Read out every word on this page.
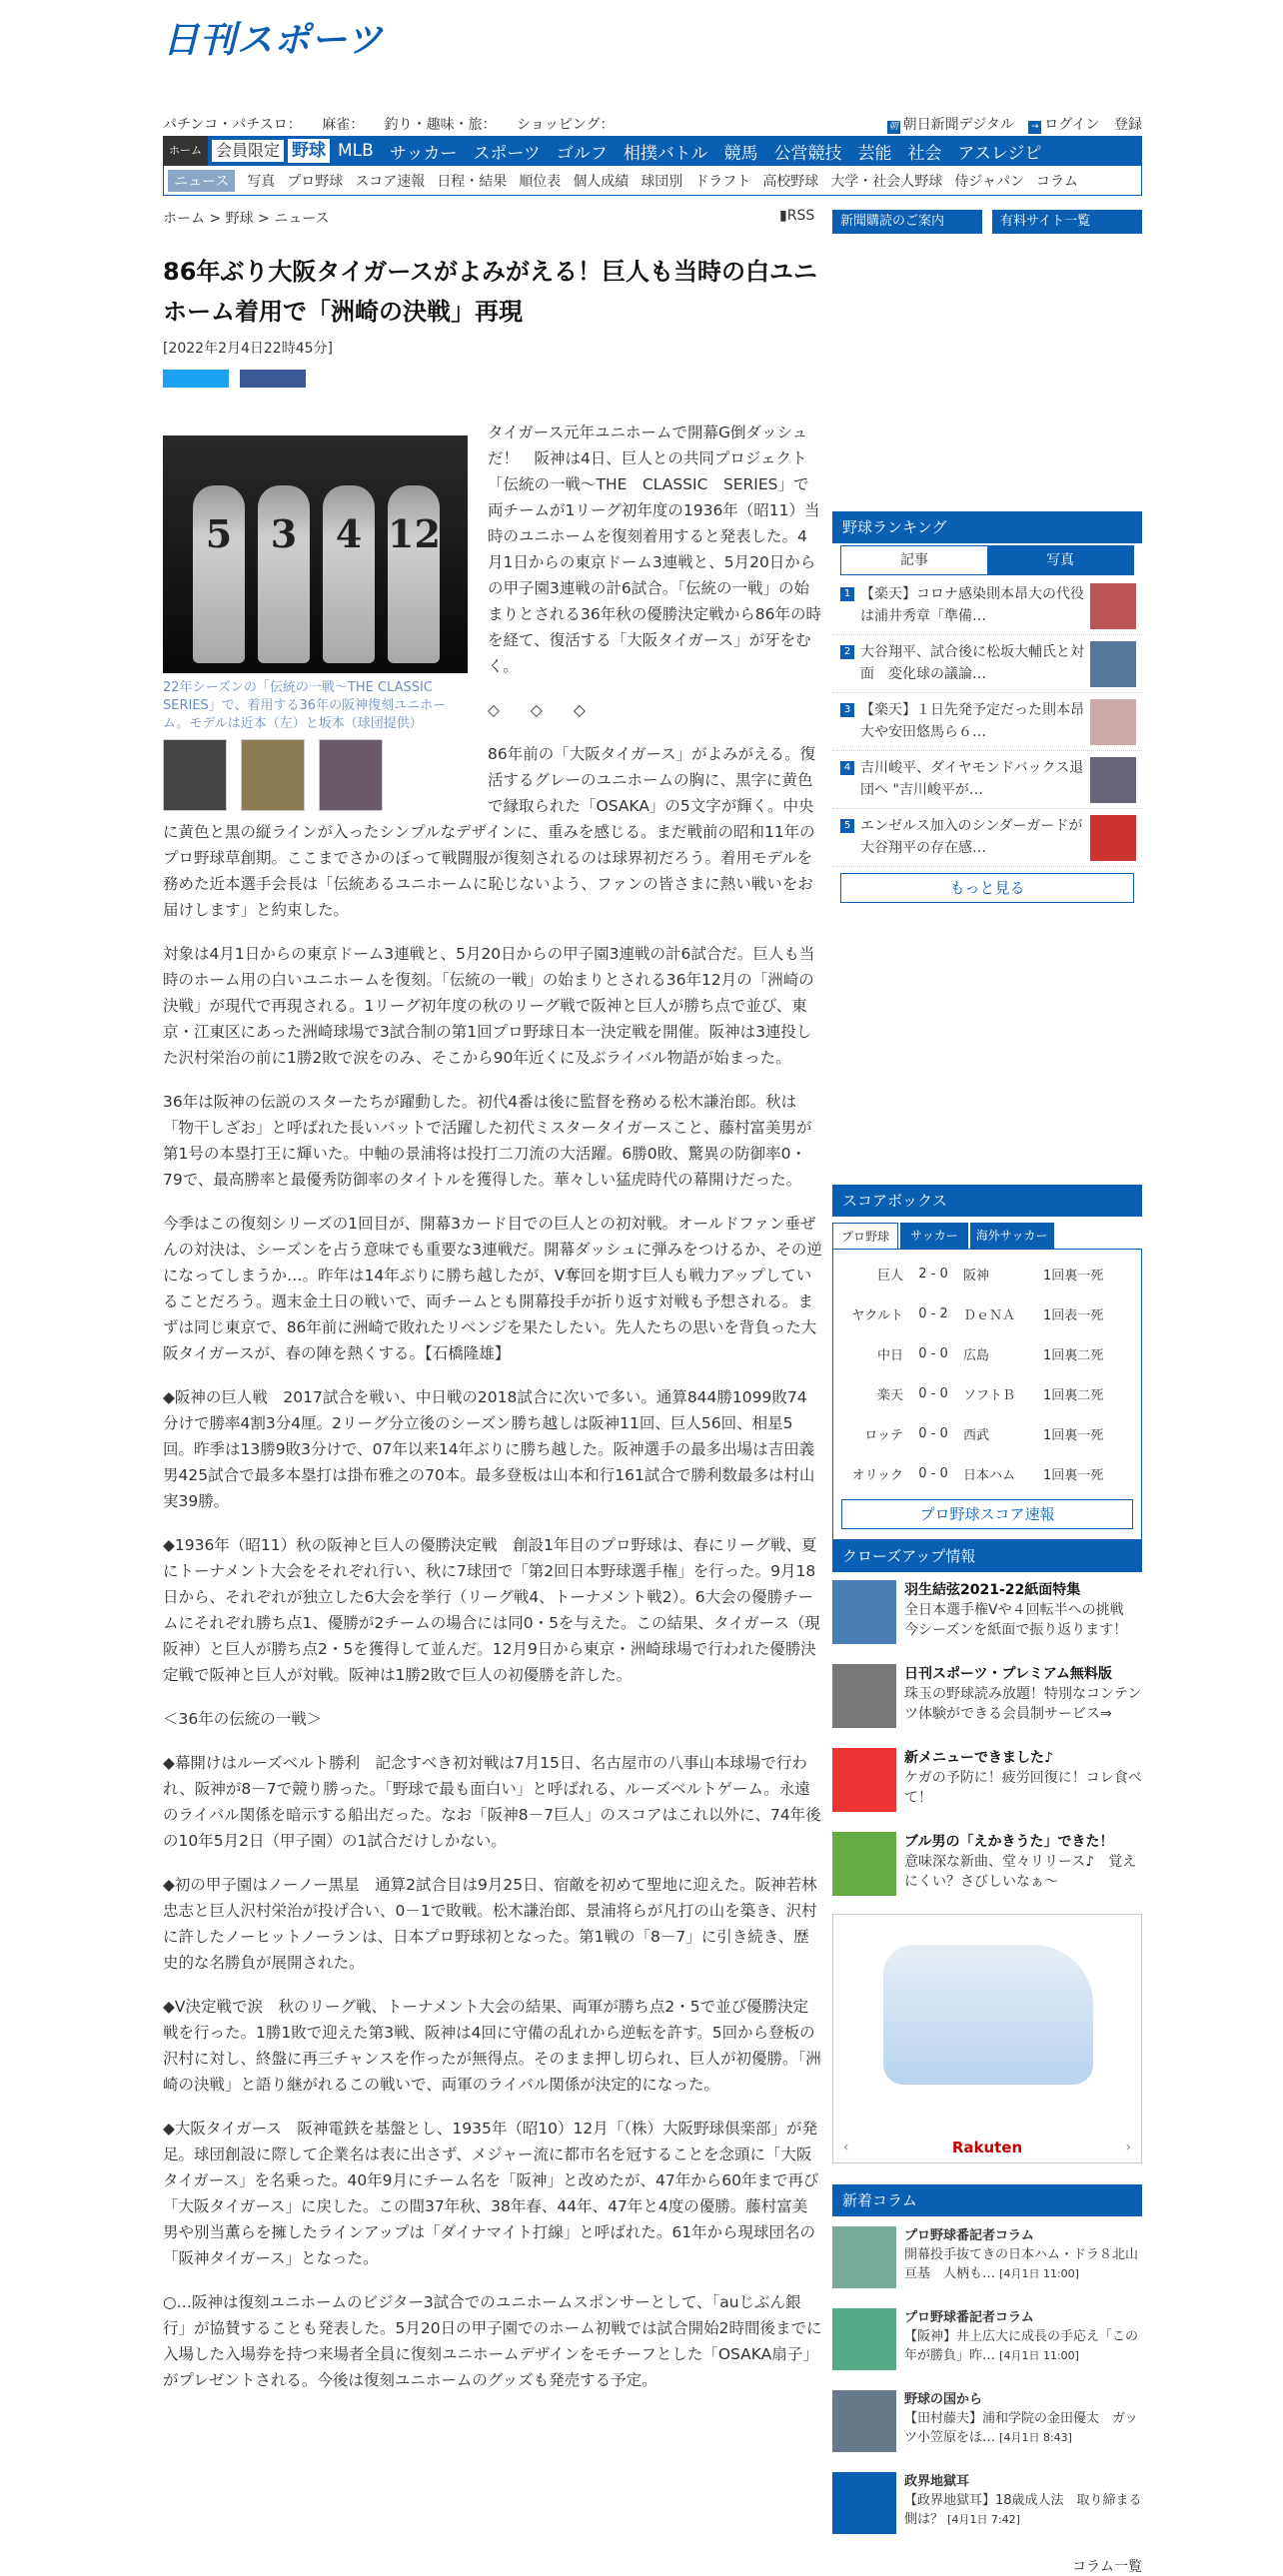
日刊スポーツ
パチンコ・パチスロ： 麻雀： 釣り・趣味・旅： ショッピング：	朝 朝日新聞デジタル → ログイン 登録
ホーム 会員限定 野球 MLB サッカー スポーツ ゴルフ 相撲バトル 競馬 公営競技 芸能 社会 アスレジピ
ニュース	写真 プロ野球 スコア速報 日程・結果 順位表 個人成績 球団別 ドラフト 高校野球 大学・社会人野球 侍ジャパン コラム
ホーム > 野球 > ニュース	▮RSS	新聞購読のご案内	有料サイト一覧
86年ぶり大阪タイガースがよみがえる！巨人も当時の白ユニホーム着用で「洲崎の決戦」再現
[2022年2月4日22時45分]
5	3	4 12
22年シーズンの「伝統の一戦～THE CLASSIC SERIES」で、着用する36年の阪神復刻ユニホーム。モデルは近本（左）と坂本（球団提供）

タイガース元年ユニホームで開幕G倒ダッシュだ！　阪神は4日、巨人との共同プロジェクト「伝統の一戦～THE　CLASSIC　SERIES」で両チームが1リーグ初年度の1936年（昭11）当時のユニホームを復刻着用すると発表した。4月1日からの東京ドーム3連戦と、5月20日からの甲子園3連戦の計6試合。「伝統の一戦」の始まりとされる36年秋の優勝決定戦から86年の時を経て、復活する「大阪タイガース」が牙をむく。

◇　　◇　　◇

86年前の「大阪タイガース」がよみがえる。復活するグレーのユニホームの胸に、黒字に黄色で縁取られた「OSAKA」の5文字が輝く。中央に黄色と黒の縦ラインが入ったシンプルなデザインに、重みを感じる。まだ戦前の昭和11年のプロ野球草創期。ここまでさかのぼって戦闘服が復刻されるのは球界初だろう。着用モデルを務めた近本選手会長は「伝統あるユニホームに恥じないよう、ファンの皆さまに熱い戦いをお届けします」と約束した。

対象は4月1日からの東京ドーム3連戦と、5月20日からの甲子園3連戦の計6試合だ。巨人も当時のホーム用の白いユニホームを復刻。「伝統の一戦」の始まりとされる36年12月の「洲崎の決戦」が現代で再現される。1リーグ初年度の秋のリーグ戦で阪神と巨人が勝ち点で並び、東京・江東区にあった洲崎球場で3試合制の第1回プロ野球日本一決定戦を開催。阪神は3連投した沢村栄治の前に1勝2敗で涙をのみ、そこから90年近くに及ぶライバル物語が始まった。

36年は阪神の伝説のスターたちが躍動した。初代4番は後に監督を務める松木謙治郎。秋は「物干しざお」と呼ばれた長いバットで活躍した初代ミスタータイガースこと、藤村富美男が第1号の本塁打王に輝いた。中軸の景浦将は投打二刀流の大活躍。6勝0敗、驚異の防御率0・79で、最高勝率と最優秀防御率のタイトルを獲得した。華々しい猛虎時代の幕開けだった。

今季はこの復刻シリーズの1回目が、開幕3カード目での巨人との初対戦。オールドファン垂ぜんの対決は、シーズンを占う意味でも重要な3連戦だ。開幕ダッシュに弾みをつけるか、その逆になってしまうか…。昨年は14年ぶりに勝ち越したが、V奪回を期す巨人も戦力アップしていることだろう。週末金土日の戦いで、両チームとも開幕投手が折り返す対戦も予想される。まずは同じ東京で、86年前に洲崎で敗れたリベンジを果たしたい。先人たちの思いを背負った大阪タイガースが、春の陣を熱くする。【石橋隆雄】

◆阪神の巨人戦　2017試合を戦い、中日戦の2018試合に次いで多い。通算844勝1099敗74分けで勝率4割3分4厘。2リーグ分立後のシーズン勝ち越しは阪神11回、巨人56回、相星5回。昨季は13勝9敗3分けで、07年以来14年ぶりに勝ち越した。阪神選手の最多出場は吉田義男425試合で最多本塁打は掛布雅之の70本。最多登板は山本和行161試合で勝利数最多は村山実39勝。

◆1936年（昭11）秋の阪神と巨人の優勝決定戦　創設1年目のプロ野球は、春にリーグ戦、夏にトーナメント大会をそれぞれ行い、秋に7球団で「第2回日本野球選手権」を行った。9月18日から、それぞれが独立した6大会を挙行（リーグ戦4、トーナメント戦2）。6大会の優勝チームにそれぞれ勝ち点1、優勝が2チームの場合には同0・5を与えた。この結果、タイガース（現阪神）と巨人が勝ち点2・5を獲得して並んだ。12月9日から東京・洲崎球場で行われた優勝決定戦で阪神と巨人が対戦。阪神は1勝2敗で巨人の初優勝を許した。

＜36年の伝統の一戦＞

◆幕開けはルーズベルト勝利　記念すべき初対戦は7月15日、名古屋市の八事山本球場で行われ、阪神が8－7で競り勝った。「野球で最も面白い」と呼ばれる、ルーズベルトゲーム。永遠のライバル関係を暗示する船出だった。なお「阪神8－7巨人」のスコアはこれ以外に、74年後の10年5月2日（甲子園）の1試合だけしかない。

◆初の甲子園はノーノー黒星　通算2試合目は9月25日、宿敵を初めて聖地に迎えた。阪神若林忠志と巨人沢村栄治が投げ合い、0－1で敗戦。松木謙治郎、景浦将らが凡打の山を築き、沢村に許したノーヒットノーランは、日本プロ野球初となった。第1戦の「8－7」に引き続き、歴史的な名勝負が展開された。

◆V決定戦で涙　秋のリーグ戦、トーナメント大会の結果、両軍が勝ち点2・5で並び優勝決定戦を行った。1勝1敗で迎えた第3戦、阪神は4回に守備の乱れから逆転を許す。5回から登板の沢村に対し、終盤に再三チャンスを作ったが無得点。そのまま押し切られ、巨人が初優勝。「洲崎の決戦」と語り継がれるこの戦いで、両軍のライバル関係が決定的になった。

◆大阪タイガース　阪神電鉄を基盤とし、1935年（昭10）12月「（株）大阪野球倶楽部」が発足。球団創設に際して企業名は表に出さず、メジャー流に都市名を冠することを念頭に「大阪タイガース」を名乗った。40年9月にチーム名を「阪神」と改めたが、47年から60年まで再び「大阪タイガース」に戻した。この間37年秋、38年春、44年、47年と4度の優勝。藤村富美男や別当薫らを擁したラインアップは「ダイナマイト打線」と呼ばれた。61年から現球団名の「阪神タイガース」となった。

○…阪神は復刻ユニホームのビジター3試合でのユニホームスポンサーとして、「auじぶん銀行」が協賛することも発表した。5月20日の甲子園でのホーム初戦では試合開始2時間後までに入場した入場券を持つ来場者全員に復刻ユニホームデザインをモチーフとした「OSAKA扇子」がプレゼントされる。今後は復刻ユニホームのグッズも発売する予定。

野球ランキング
記事	写真
1 【楽天】コロナ感染則本昂大の代役は浦井秀章「準備…
2 大谷翔平、試合後に松坂大輔氏と対面　変化球の議論…
3 【楽天】１日先発予定だった則本昂大や安田悠馬ら６…
4 吉川峻平、ダイヤモンドバックス退団へ "吉川峻平が…
5 エンゼルス加入のシンダーガードが大谷翔平の存在感…
もっと見る
スコアボックス
プロ野球	サッカー	海外サッカー
巨人	2 - 0	阪神	1回裏一死
ヤクルト	0 - 2	ＤｅＮＡ	1回表一死
中日	0 - 0	広島	1回裏二死
楽天	0 - 0	ソフトＢ	1回裏二死
ロッテ	0 - 0	西武	1回裏一死
オリック	0 - 0	日本ハム	1回裏一死
プロ野球スコア速報
クローズアップ情報
羽生結弦2021-22紙面特集
全日本選手権Vや４回転半への挑戦　今シーズンを紙面で振り返ります！
日刊スポーツ・プレミアム無料版
珠玉の野球読み放題！特別なコンテンツ体験ができる会員制サービス⇒
新メニューできました♪
ケガの予防に！疲労回復に！コレ食べて！
ブル男の「えかきうた」できた！
意味深な新曲、堂々リリース♪　覚えにくい？さびしいなぁ～
‹	›
Rakuten
新着コラム
プロ野球番記者コラム
開幕投手抜てきの日本ハム・ドラ８北山亘基　人柄も… [4月1日 11:00]
プロ野球番記者コラム
【阪神】井上広大に成長の手応え「この年が勝負」昨… [4月1日 11:00]
野球の国から
【田村藤夫】浦和学院の金田優太　ガッツ小笠原をほ… [4月1日 8:43]
政界地獄耳
【政界地獄耳】18歳成人法　取り締まる側は？ [4月1日 7:42]
コラム一覧
